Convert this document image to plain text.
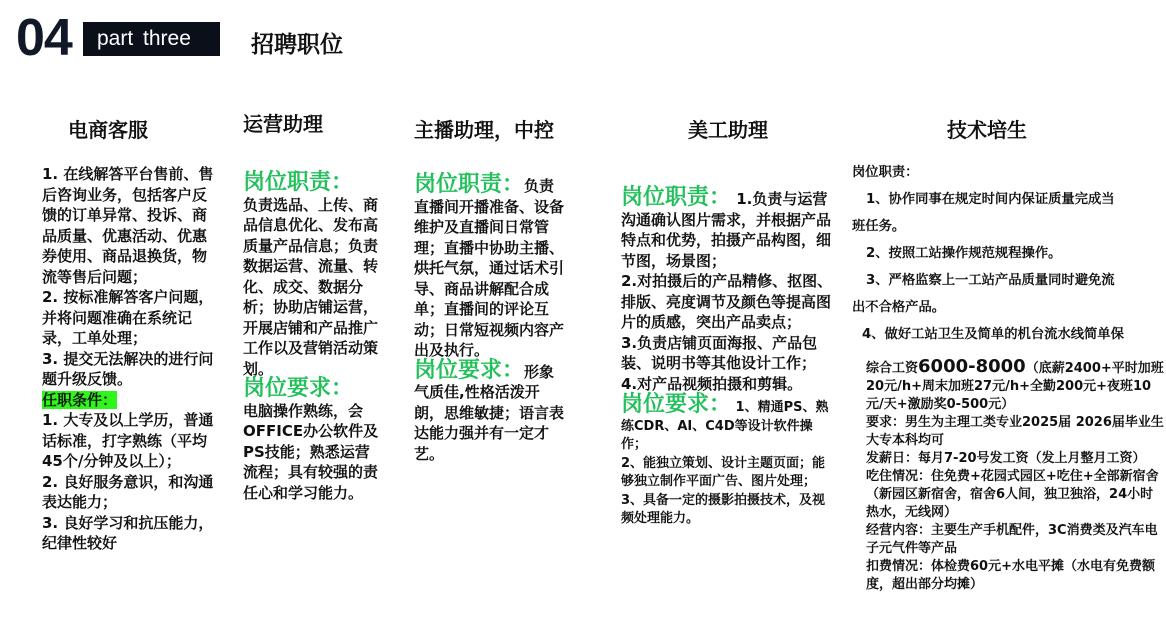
04	part three	招聘职位
电商客服

1. 在线解答平台售前、售后咨询业务，包括客户反馈的订单异常、投诉、商 品质量、优惠活动、优惠券使用、商品退换货，物流等售后问题；

2. 按标准解答客户问题，并将问题准确在系统记录，工单处理；

3. 提交无法解决的进行问题升级反馈。

任职条件：

1. 大专及以上学历，普通话标准，打字熟练（平均45个/分钟及以上）；

2. 良好服务意识，和沟通表达能力；

3. 良好学习和抗压能力，纪律性较好

运营助理

岗位职责：

负责选品、上传、商品信息优化、发布高质量产品信息；负责数据运营、流量、转化、成交、数据分析；协助店铺运营，开展店铺和产品推广工作以及营销活动策划。

岗位要求：

电脑操作熟练，会OFFICE办公软件及PS技能；熟悉运营流程；具有较强的责任心和学习能力。

主播助理，中控

岗位职责：负责直播间开播准备、设备维护及直播间日常管理；直播中协助主播、烘托气氛，通过话术引导、商品讲解配合成单；直播间的评论互动；日常短视频内容产出及执行。

岗位要求：形象气质佳,性格活泼开朗，思维敏捷；语言表达能力强并有一定才艺。

美工助理

岗位职责： 1.负责与运营沟通确认图片需求，并根据产品特点和优势，拍摄产品构图，细节图，场景图；

2.对拍摄后的产品精修、抠图、排版、亮度调节及颜色等提高图片的质感，突出产品卖点；

3.负责店铺页面海报、产品包装、说明书等其他设计工作；

4.对产品视频拍摄和剪辑。

岗位要求： 1、精通PS、熟练CDR、AI、C4D等设计软件操作；

2、能独立策划、设计主题页面；能够独立制作平面广告、图片处理；

3、具备一定的摄影拍摄技术，及视频处理能力。

技术培生

岗位职责：

1、协作同事在规定时间内保证质量完成当

班任务。

2、按照工站操作规范规程操作。

3、严格监察上一工站产品质量同时避免流

出不合格产品。

4、做好工站卫生及简单的机台流水线简单保

综合工资6000-8000（底薪2400+平时加班20元/h+周末加班27元/h+全勤200元+夜班10元/天+激励奖0-500元）

要求：男生为主理工类专业2025届 2026届毕业生 大专本科均可

发薪日：每月7-20号发工资（发上月整月工资）

吃住情况：住免费+花园式园区+吃住+全部新宿舍（新园区新宿舍，宿舍6人间，独卫独浴，24小时热水，无线网）

经营内容：主要生产手机配件，3C消费类及汽车电子元气件等产品

扣费情况：体检费60元+水电平摊（水电有免费额度，超出部分均摊）
